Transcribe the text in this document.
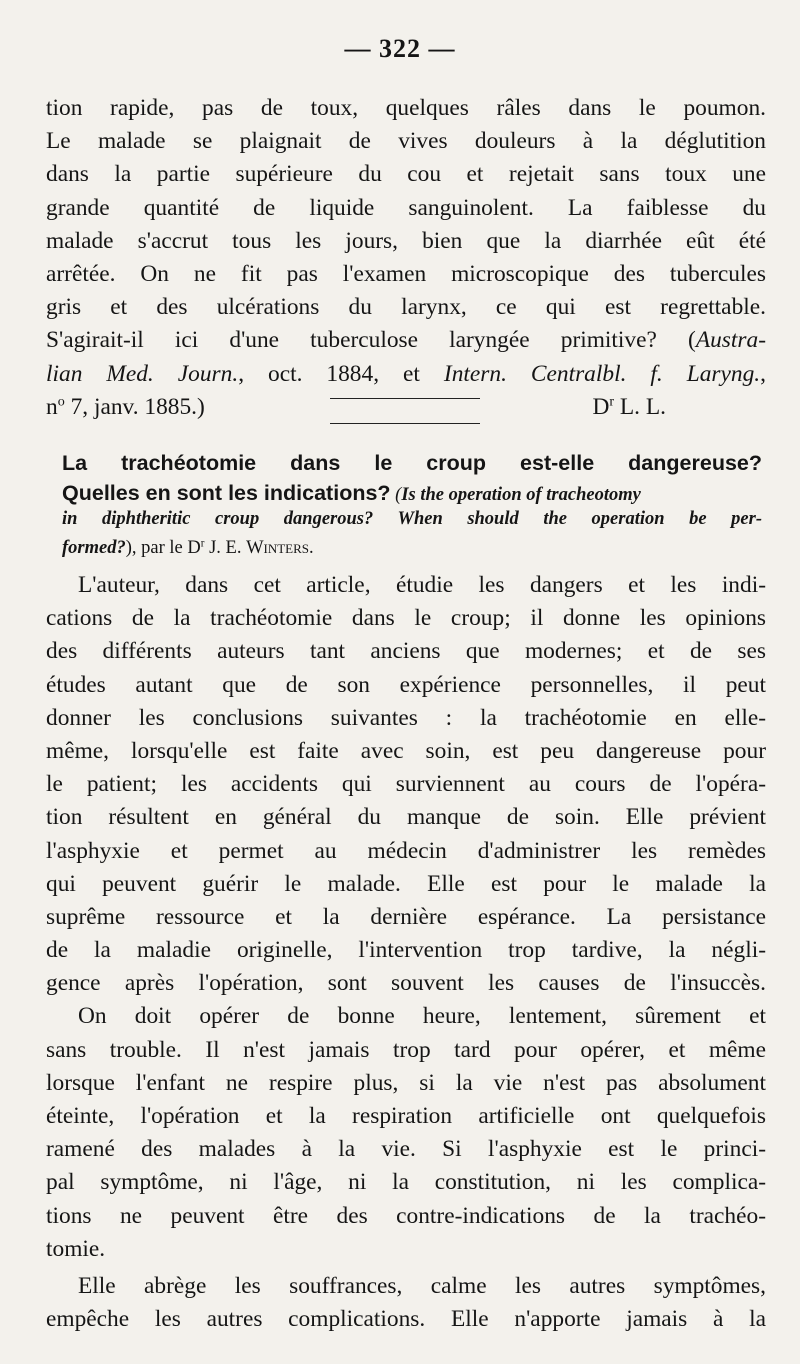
— 322 —
tion rapide, pas de toux, quelques râles dans le poumon.
Le malade se plaignait de vives douleurs à la déglutition
dans la partie supérieure du cou et rejetait sans toux une
grande quantité de liquide sanguinolent. La faiblesse du
malade s'accrut tous les jours, bien que la diarrhée eût été
arrêtée. On ne fit pas l'examen microscopique des tubercules
gris et des ulcérations du larynx, ce qui est regrettable.
S'agirait-il ici d'une tuberculose laryngée primitive? (Austra-
lian Med. Journ., oct. 1884, et Intern. Centralbl. f. Laryng.,
$n^o$ 7, janv. 1885.)	$D^r$ L. L.
La trachéotomie dans le croup est-elle dangereuse?
Quelles en sont les indications? (Is the operation of tracheotomy
in diphtheritic croup dangerous? When should the operation be per-
formed?), par le $D^r$ J. E. Winters.
L'auteur, dans cet article, étudie les dangers et les indi-
cations de la trachéotomie dans le croup; il donne les opinions
des différents auteurs tant anciens que modernes; et de ses
études autant que de son expérience personnelles, il peut
donner les conclusions suivantes : la trachéotomie en elle-
même, lorsqu'elle est faite avec soin, est peu dangereuse pour
le patient; les accidents qui surviennent au cours de l'opéra-
tion résultent en général du manque de soin. Elle prévient
l'asphyxie et permet au médecin d'administrer les remèdes
qui peuvent guérir le malade. Elle est pour le malade la
suprême ressource et la dernière espérance. La persistance
de la maladie originelle, l'intervention trop tardive, la négli-
gence après l'opération, sont souvent les causes de l'insuccès.
On doit opérer de bonne heure, lentement, sûrement et
sans trouble. Il n'est jamais trop tard pour opérer, et même
lorsque l'enfant ne respire plus, si la vie n'est pas absolument
éteinte, l'opération et la respiration artificielle ont quelquefois
ramené des malades à la vie. Si l'asphyxie est le princi-
pal symptôme, ni l'âge, ni la constitution, ni les complica-
tions ne peuvent être des contre-indications de la trachéo-
tomie.
Elle abrège les souffrances, calme les autres symptômes,
empêche les autres complications. Elle n'apporte jamais à la
